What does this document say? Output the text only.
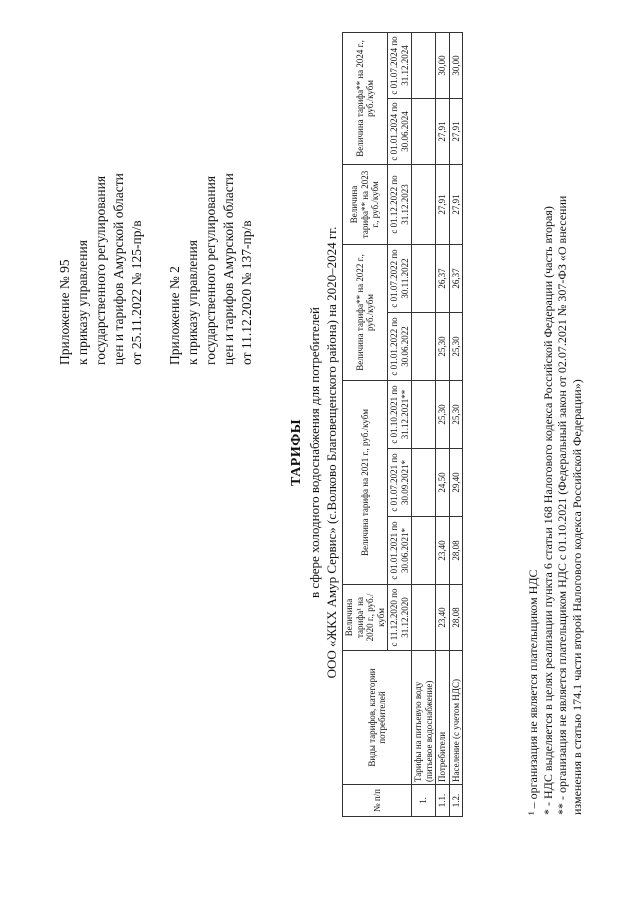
Приложение № 95 к приказу управления государственного регулирования цен и тарифов Амурской области от 25.11.2022 № 125-пр/в Приложение № 2 к приказу управления государственного регулирования цен и тарифов Амурской области от 11.12.2020 № 137-пр/в
ТАРИФЫ в сфере холодного водоснабжения для потребителей ООО «ЖКХ Амур Сервис» (с.Волково Благовещенского района) на 2020–2024 гг.
№ п/п	Виды тарифов, категории потребителей	Величина тарифа¹ на 2020 г., руб./кубм	Величина тарифа на 2021 г., руб./кубм			Величина тарифа** на 2022 г., руб./кубм		Величина тарифа** на 2023 г., руб./кубм	Величина тарифа** на 2024 г., руб./кубм	
		с 11.12.2020 по 31.12.2020	с 01.01.2021 по 30.06.2021*	с 01.07.2021 по 30.09.2021*	с 01.10.2021 по 31.12.2021**	с 01.01.2022 по 30.06.2022	с 01.07.2022 по 30.11.2022	с 01.12.2022 по 31.12.2023	с 01.01.2024 по 30.06.2024	с 01.07.2024 по 31.12.2024
1.	Тарифы на питьевую воду (питьевое водоснабжение)									
1.1.	Потребители	23,40	23,40	24,50	25,30	25,30	26,37	27,91	27,91	30,00
1.2.	Население (с учетом НДС)	28,08	28,08	29,40	25,30	25,30	26,37	27,91	27,91	30,00
¹ – организация не является плательщиком НДС * - НДС выделяется в целях реализации пункта 6 статьи 168 Налогового кодекса Российской Федерации (часть вторая) ** - организация не является плательщиком НДС с 01.10.2021 (Федеральный закон от 02.07.2021 № 307-ФЗ «О внесении изменения в статью 174.1 части второй Налогового кодекса Российской Федерации»)
